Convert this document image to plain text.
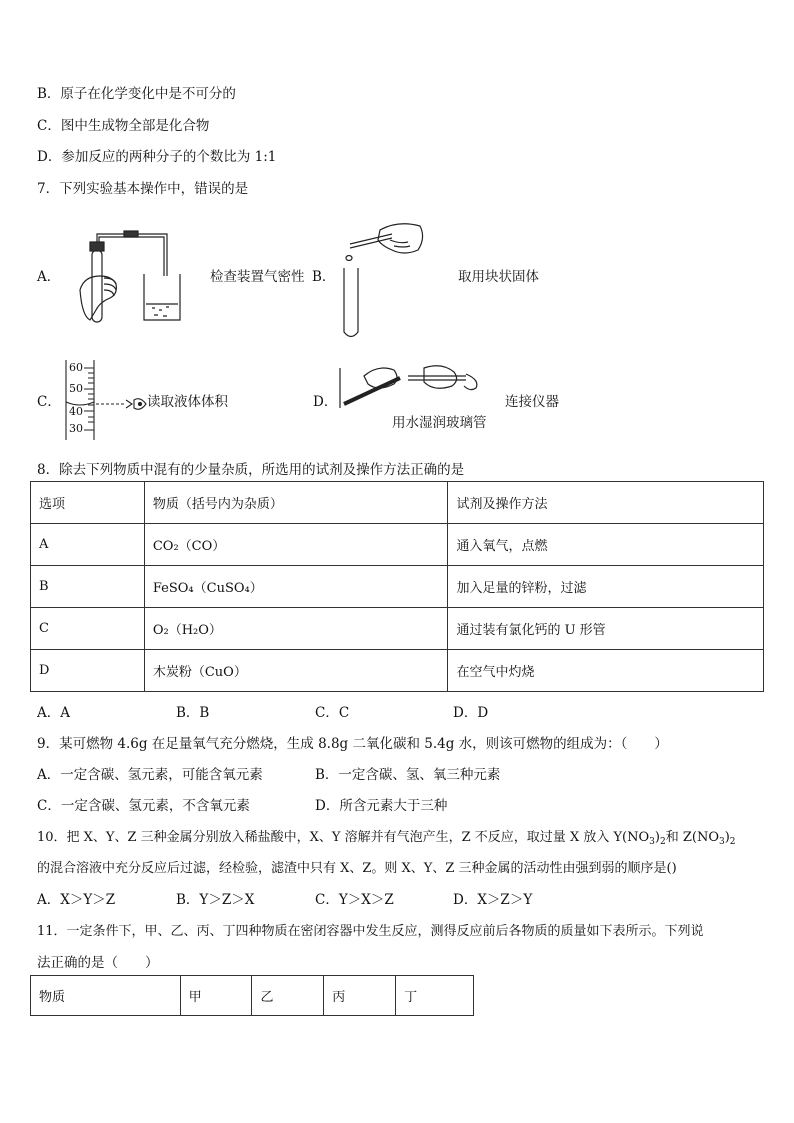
B．原子在化学变化中是不可分的
C．图中生成物全部是化合物
D．参加反应的两种分子的个数比为 1:1
7．下列实验基本操作中，错误的是
A．	检查装置气密性 B．	取用块状固体
C．
60
50
40
30
读取液体体积	D．
用水湿润玻璃管
连接仪器
8．除去下列物质中混有的少量杂质，所选用的试剂及操作方法正确的是
选项	物质（括号内为杂质）	试剂及操作方法
A	CO₂（CO）	通入氧气，点燃
B	FeSO₄（CuSO₄）	加入足量的锌粉，过滤
C	O₂（H₂O）	通过装有氯化钙的 U 形管
D	木炭粉（CuO）	在空气中灼烧
A．A	B．B	C．C	D．D
9．某可燃物 4.6g 在足量氧气充分燃烧，生成 8.8g 二氧化碳和 5.4g 水，则该可燃物的组成为：（　　）
A．一定含碳、氢元素，可能含氧元素	B．一定含碳、氢、氧三种元素
C．一定含碳、氢元素，不含氧元素	D．所含元素大于三种
10．把 X、Y、Z 三种金属分别放入稀盐酸中，X、Y 溶解并有气泡产生，Z 不反应，取过量 X 放入 $Y(NO_3)_2$和 $Z(NO_3)_2$
的混合溶液中充分反应后过滤，经检验，滤渣中只有 X、Z。则 X、Y、Z 三种金属的活动性由强到弱的顺序是()
A．X＞Y＞Z	B．Y＞Z＞X	C．Y＞X＞Z	D．X＞Z＞Y
11．一定条件下，甲、乙、丙、丁四种物质在密闭容器中发生反应，测得反应前后各物质的质量如下表所示。下列说
法正确的是（　　）
物质	甲	乙	丙	丁
